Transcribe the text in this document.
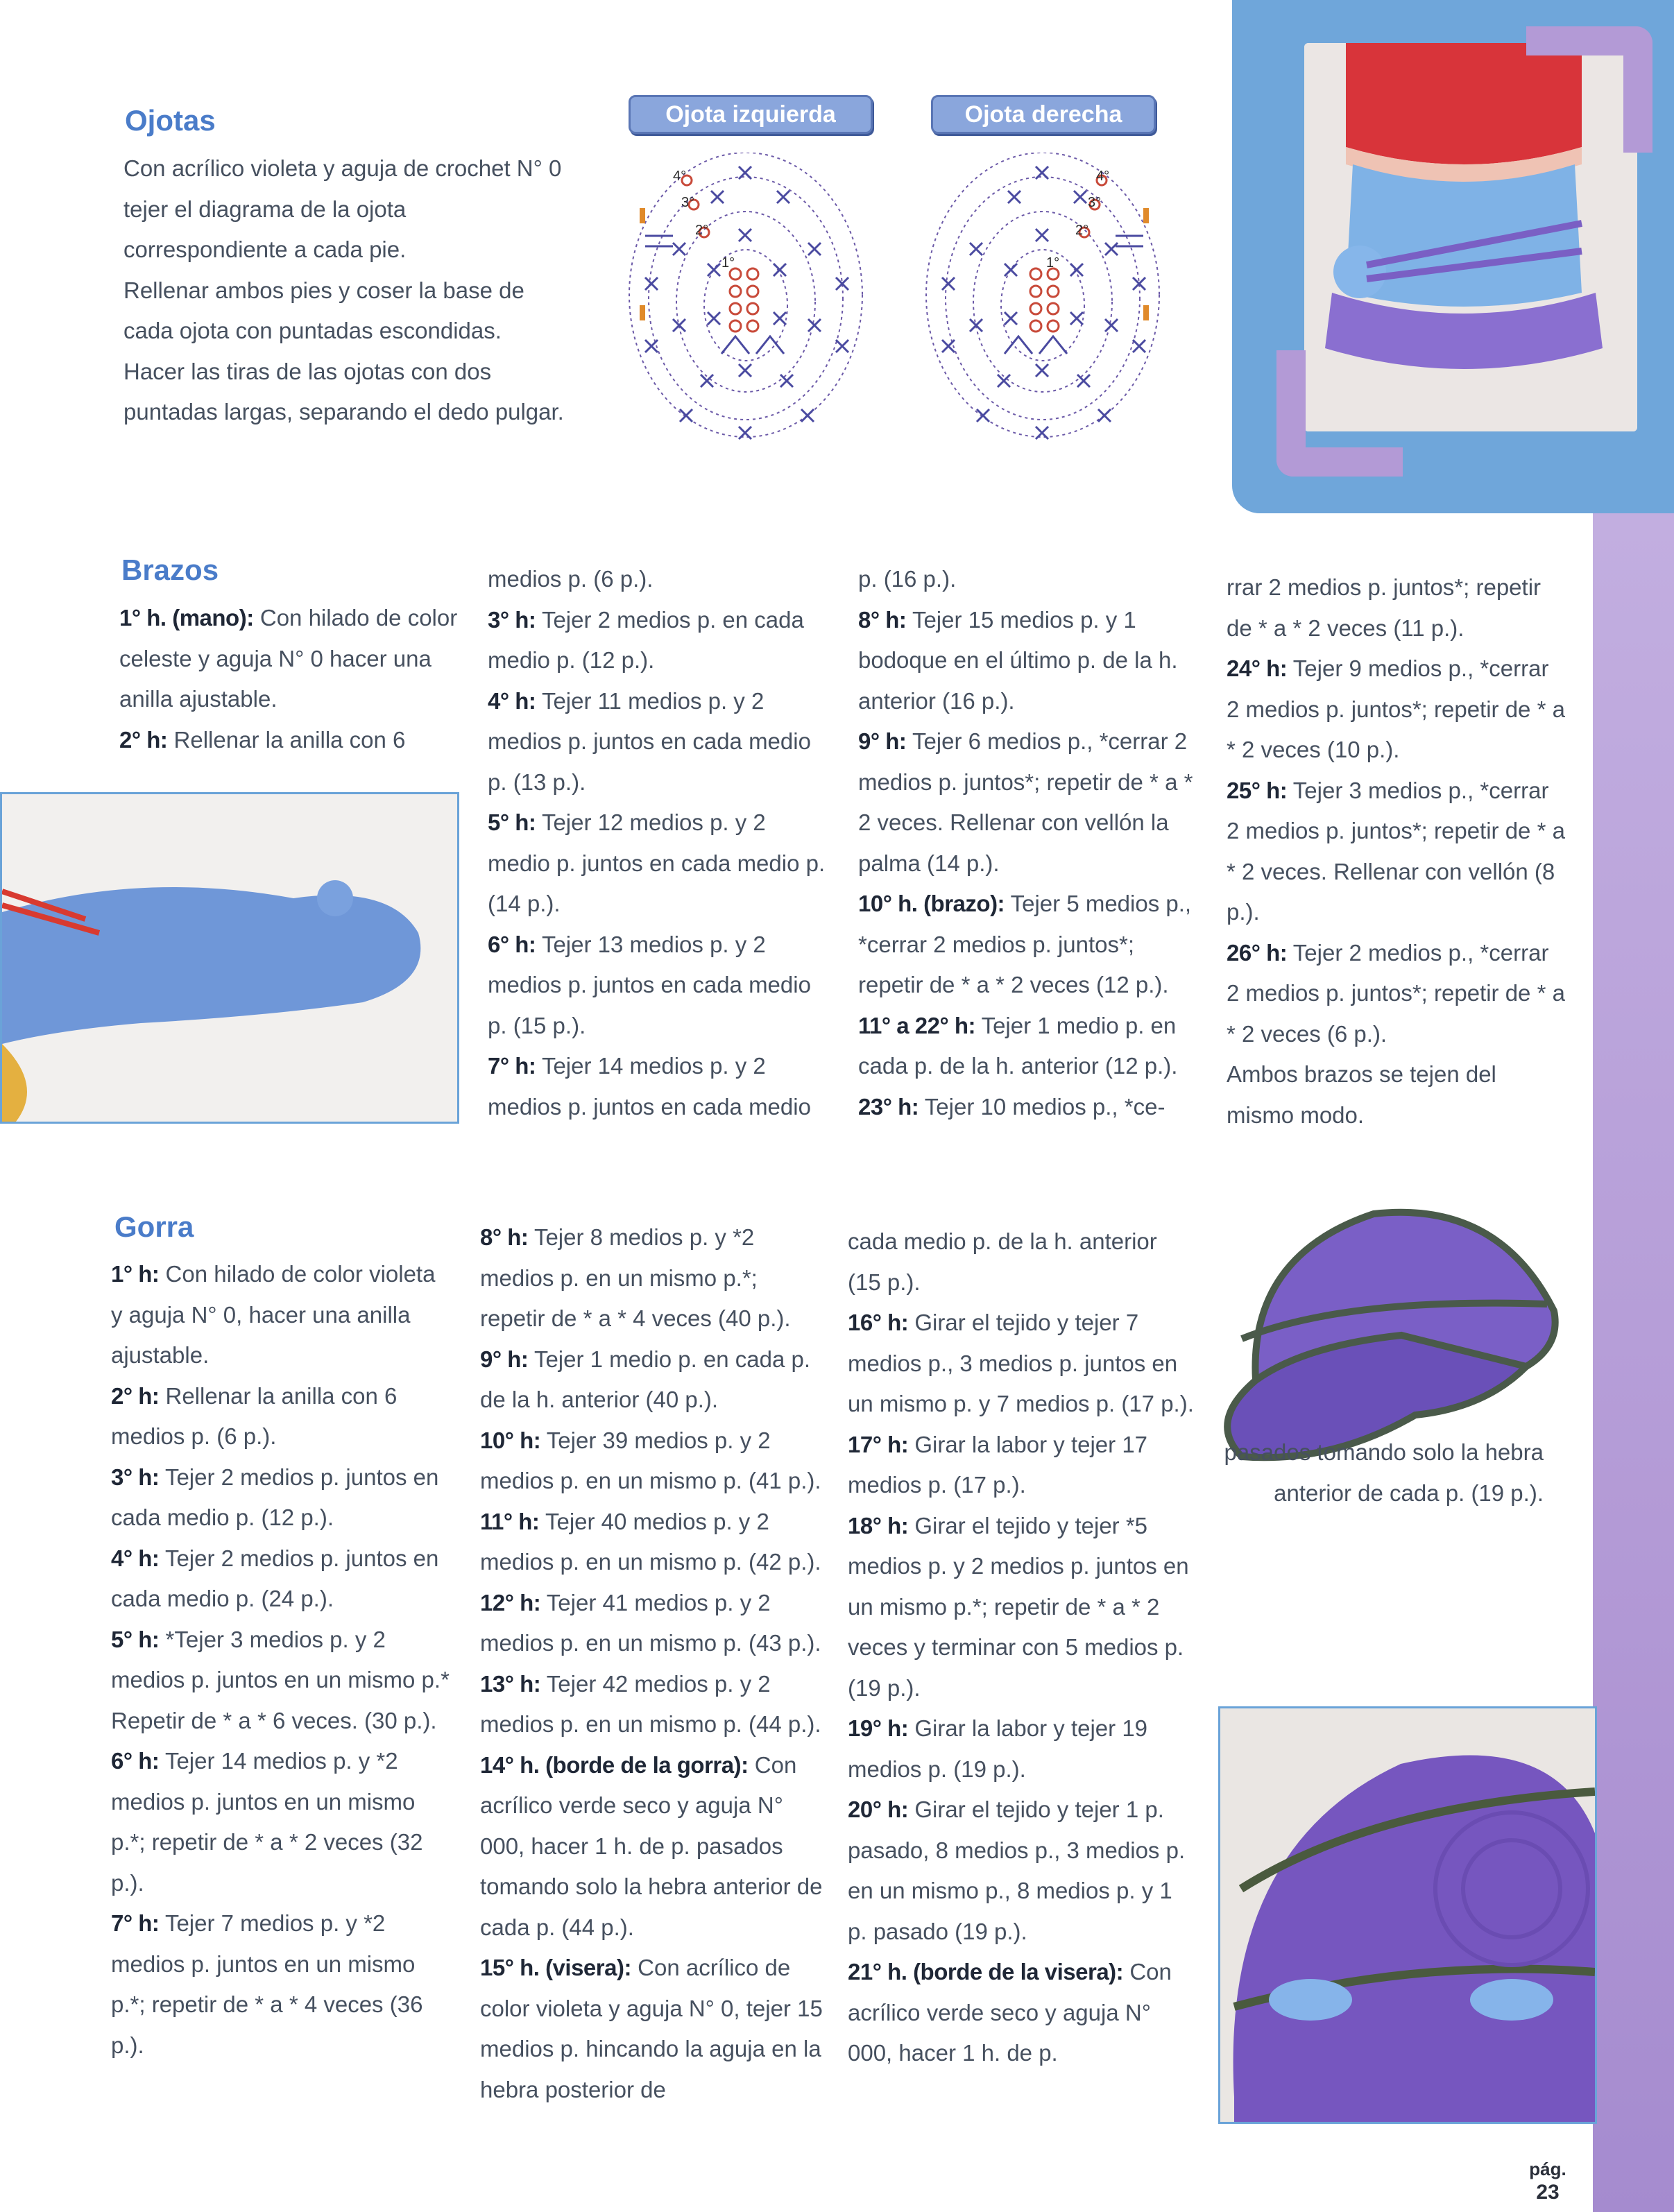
Ojotas

Con acrílico violeta y aguja de crochet N° 0 tejer el diagrama de la ojota correspondiente a cada pie.

Rellenar ambos pies y coser la base de cada ojota con puntadas escondidas.

Hacer las tiras de las ojotas con dos puntadas largas, separando el dedo pulgar.

Ojota izquierda	Ojota derecha
1°
2°
3°
4°
1°
2°
3°
4°
Brazos

1° h. (mano): Con hilado de color celeste y aguja N° 0 hacer una anilla ajustable.

2° h: Rellenar la anilla con 6

medios p. (6 p.).

3° h: Tejer 2 medios p. en cada medio p. (12 p.).

4° h: Tejer 11 medios p. y 2 medios p. juntos en cada medio p. (13 p.).

5° h: Tejer 12 medios p. y 2 medio p. juntos en cada medio p. (14 p.).

6° h: Tejer 13 medios p. y 2 medios p. juntos en cada medio p. (15 p.).

7° h: Tejer 14 medios p. y 2 medios p. juntos en cada medio

p. (16 p.).

8° h: Tejer 15 medios p. y 1 bodoque en el último p. de la h. anterior (16 p.).

9° h: Tejer 6 medios p., *cerrar 2 medios p. juntos*; repetir de * a * 2 veces. Rellenar con vellón la palma (14 p.).

10° h. (brazo): Tejer 5 medios p., *cerrar 2 medios p. juntos*; repetir de * a * 2 veces (12 p.).

11° a 22° h: Tejer 1 medio p. en cada p. de la h. anterior (12 p.).

23° h: Tejer 10 medios p., *ce-

rrar 2 medios p. juntos*; repetir de * a * 2 veces (11 p.).

24° h: Tejer 9 medios p., *cerrar 2 medios p. juntos*; repetir de * a * 2 veces (10 p.).

25° h: Tejer 3 medios p., *cerrar 2 medios p. juntos*; repetir de * a * 2 veces. Rellenar con vellón (8 p.).

26° h: Tejer 2 medios p., *cerrar 2 medios p. juntos*; repetir de * a * 2 veces (6 p.).

Ambos brazos se tejen del mismo modo.

Gorra

1° h: Con hilado de color violeta y aguja N° 0, hacer una anilla ajustable.

2° h: Rellenar la anilla con 6 medios p. (6 p.).

3° h: Tejer 2 medios p. juntos en cada medio p. (12 p.).

4° h: Tejer 2 medios p. juntos en cada medio p. (24 p.).

5° h: *Tejer 3 medios p. y 2 medios p. juntos en un mismo p.* Repetir de * a * 6 veces. (30 p.).

6° h: Tejer 14 medios p. y *2 medios p. juntos en un mismo p.*; repetir de * a * 2 veces (32 p.).

7° h: Tejer 7 medios p. y *2 medios p. juntos en un mismo p.*; repetir de * a * 4 veces (36 p.).

8° h: Tejer 8 medios p. y *2 medios p. en un mismo p.*; repetir de * a * 4 veces (40 p.).

9° h: Tejer 1 medio p. en cada p. de la h. anterior (40 p.).

10° h: Tejer 39 medios p. y 2 medios p. en un mismo p. (41 p.).

11° h: Tejer 40 medios p. y 2 medios p. en un mismo p. (42 p.).

12° h: Tejer 41 medios p. y 2 medios p. en un mismo p. (43 p.).

13° h: Tejer 42 medios p. y 2 medios p. en un mismo p. (44 p.).

14° h. (borde de la gorra): Con acrílico verde seco y aguja N° 000, hacer 1 h. de p. pasados tomando solo la hebra anterior de cada p. (44 p.).

15° h. (visera): Con acrílico de color violeta y aguja N° 0, tejer 15 medios p. hincando la aguja en la hebra posterior de

cada medio p. de la h. anterior (15 p.).

16° h: Girar el tejido y tejer 7 medios p., 3 medios p. juntos en un mismo p. y 7 medios p. (17 p.).

17° h: Girar la labor y tejer 17 medios p. (17 p.).

18° h: Girar el tejido y tejer *5 medios p. y 2 medios p. juntos en un mismo p.*; repetir de * a * 2 veces y terminar con 5 medios p. (19 p.).

19° h: Girar la labor y tejer 19 medios p. (19 p.).

20° h: Girar el tejido y tejer 1 p. pasado, 8 medios p., 3 medios p. en un mismo p., 8 medios p. y 1 p. pasado (19 p.).

21° h. (borde de la visera): Con acrílico verde seco y aguja N° 000, hacer 1 h. de p.

pasados tomando solo la hebra anterior de cada p. (19 p.).

pág.
23
